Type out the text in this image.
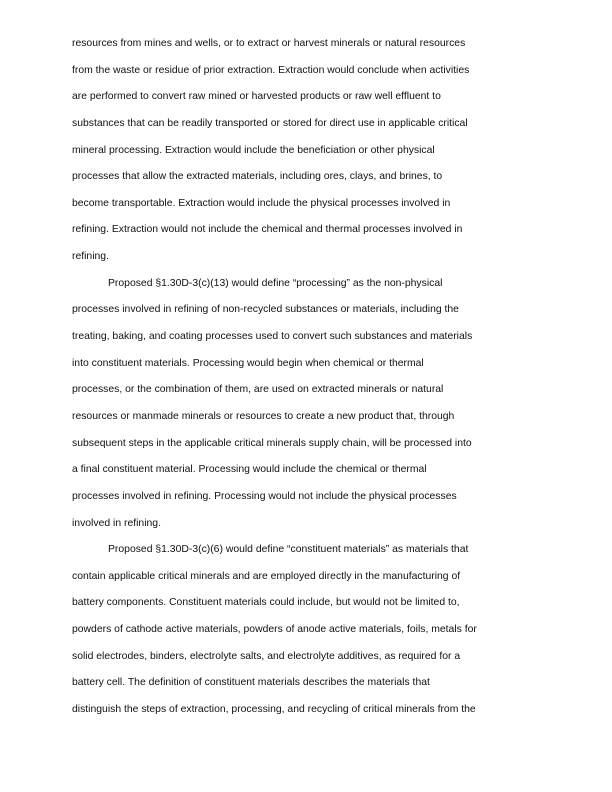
resources from mines and wells, or to extract or harvest minerals or natural resources
from the waste or residue of prior extraction. Extraction would conclude when activities
are performed to convert raw mined or harvested products or raw well effluent to
substances that can be readily transported or stored for direct use in applicable critical
mineral processing. Extraction would include the beneficiation or other physical
processes that allow the extracted materials, including ores, clays, and brines, to
become transportable. Extraction would include the physical processes involved in
refining. Extraction would not include the chemical and thermal processes involved in
refining.
Proposed §1.30D-3(c)(13) would define “processing” as the non-physical
processes involved in refining of non-recycled substances or materials, including the
treating, baking, and coating processes used to convert such substances and materials
into constituent materials. Processing would begin when chemical or thermal
processes, or the combination of them, are used on extracted minerals or natural
resources or manmade minerals or resources to create a new product that, through
subsequent steps in the applicable critical minerals supply chain, will be processed into
a final constituent material. Processing would include the chemical or thermal
processes involved in refining. Processing would not include the physical processes
involved in refining.
Proposed §1.30D-3(c)(6) would define “constituent materials” as materials that
contain applicable critical minerals and are employed directly in the manufacturing of
battery components. Constituent materials could include, but would not be limited to,
powders of cathode active materials, powders of anode active materials, foils, metals for
solid electrodes, binders, electrolyte salts, and electrolyte additives, as required for a
battery cell. The definition of constituent materials describes the materials that
distinguish the steps of extraction, processing, and recycling of critical minerals from the
